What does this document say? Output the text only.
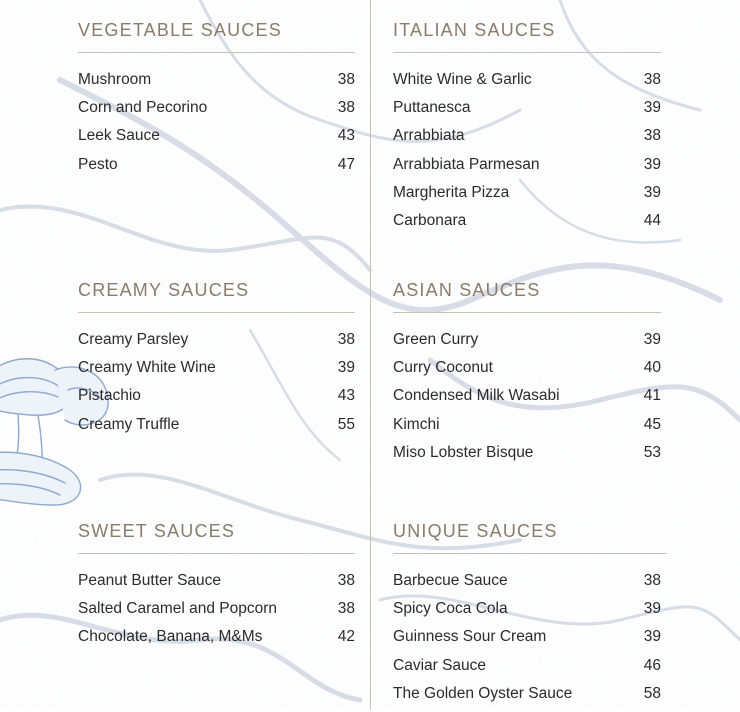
VEGETABLE SAUCES
Mushroom	38
Corn and Pecorino	38
Leek Sauce	43
Pesto	47
ITALIAN SAUCES
White Wine & Garlic	38
Puttanesca	39
Arrabbiata	38
Arrabbiata Parmesan	39
Margherita Pizza	39
Carbonara	44
CREAMY SAUCES
Creamy Parsley	38
Creamy White Wine	39
Pistachio	43
Creamy Truffle	55
ASIAN SAUCES
Green Curry	39
Curry Coconut	40
Condensed Milk Wasabi	41
Kimchi	45
Miso Lobster Bisque	53
SWEET SAUCES
Peanut Butter Sauce	38
Salted Caramel and Popcorn	38
Chocolate, Banana, M&Ms	42
UNIQUE SAUCES
Barbecue Sauce	38
Spicy Coca Cola	39
Guinness Sour Cream	39
Caviar Sauce	46
The Golden Oyster Sauce	58
